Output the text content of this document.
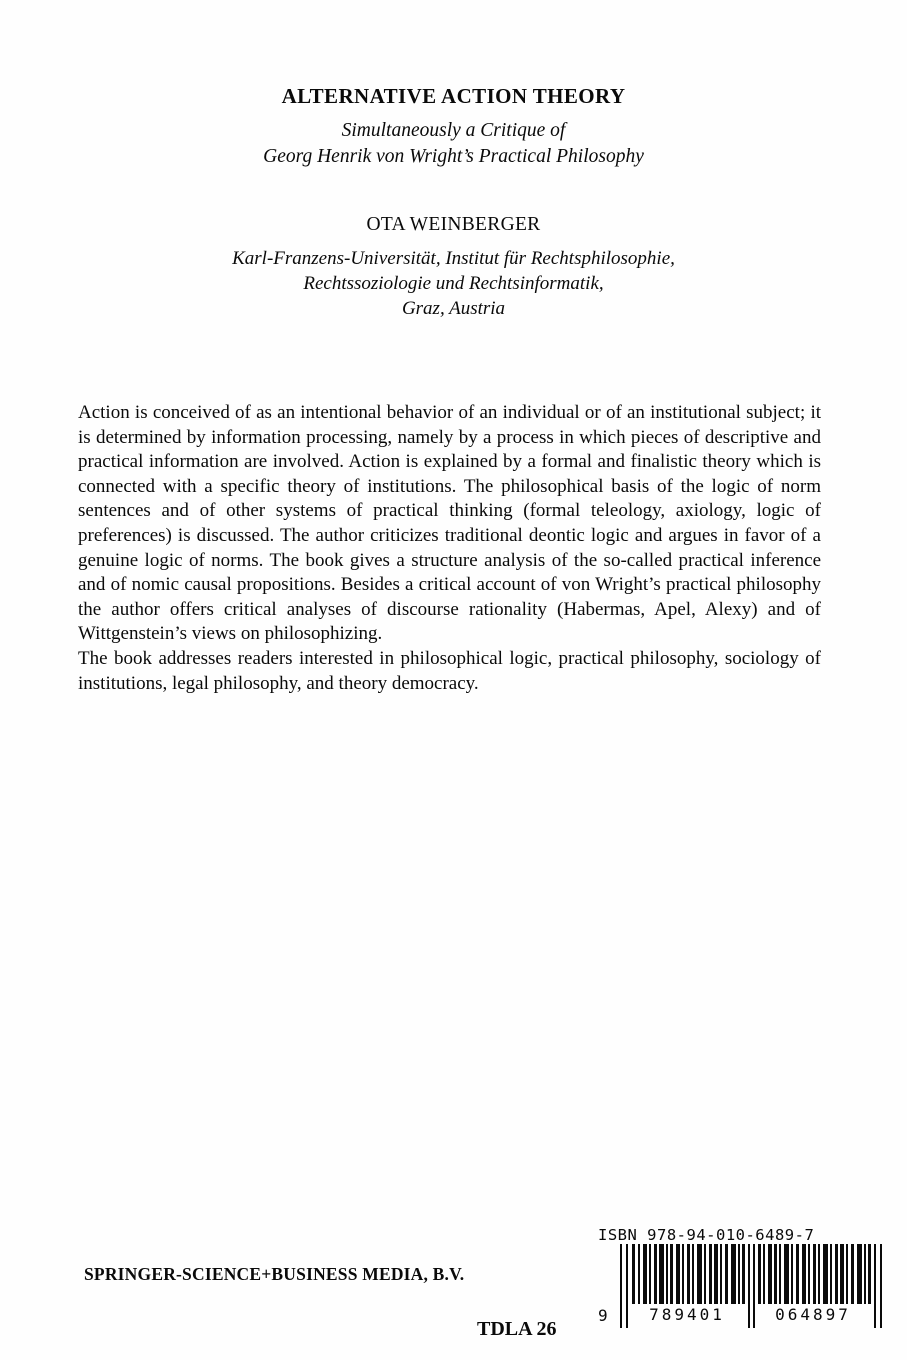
ALTERNATIVE ACTION THEORY
Simultaneously a Critique of
Georg Henrik von Wright’s Practical Philosophy
OTA WEINBERGER
Karl-Franzens-Universität, Institut für Rechtsphilosophie,
Rechtssoziologie und Rechtsinformatik,
Graz, Austria

Action is conceived of as an intentional behavior of an individual or of an institutional subject; it is determined by information processing, namely by a process in which pieces of descriptive and practical information are involved. Action is explained by a formal and finalistic theory which is connected with a specific theory of institutions. The philosophical basis of the logic of norm sentences and of other systems of practical thinking (formal teleology, axiology, logic of preferences) is discussed. The author criticizes traditional deontic logic and argues in favor of a genuine logic of norms. The book gives a structure analysis of the so-called practical inference and of nomic causal propositions. Besides a critical account of von Wright’s practical philosophy the author offers critical analyses of discourse rationality (Habermas, Apel, Alexy) and of Wittgenstein’s views on philosophizing.

The book addresses readers interested in philosophical logic, practical philosophy, sociology of institutions, legal philosophy, and theory democracy.

SPRINGER-SCIENCE+BUSINESS MEDIA, B.V.
TDLA 26
ISBN 978-94-010-6489-7
9	789401	064897
